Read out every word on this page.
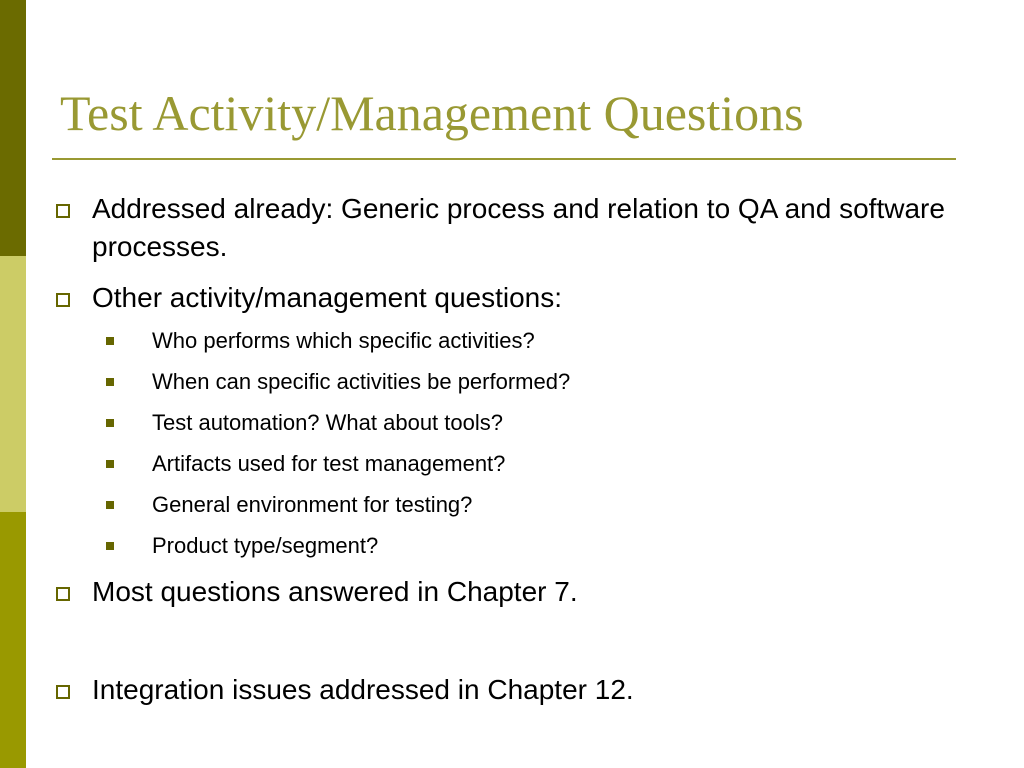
Test Activity/Management Questions
Addressed already: Generic process and relation to QA and software processes.
Other activity/management questions:
Who performs which specific activities?
When can specific activities be performed?
Test automation? What about tools?
Artifacts used for test management?
General environment for testing?
Product type/segment?
Most questions answered in Chapter 7.
Integration issues addressed in Chapter 12.
